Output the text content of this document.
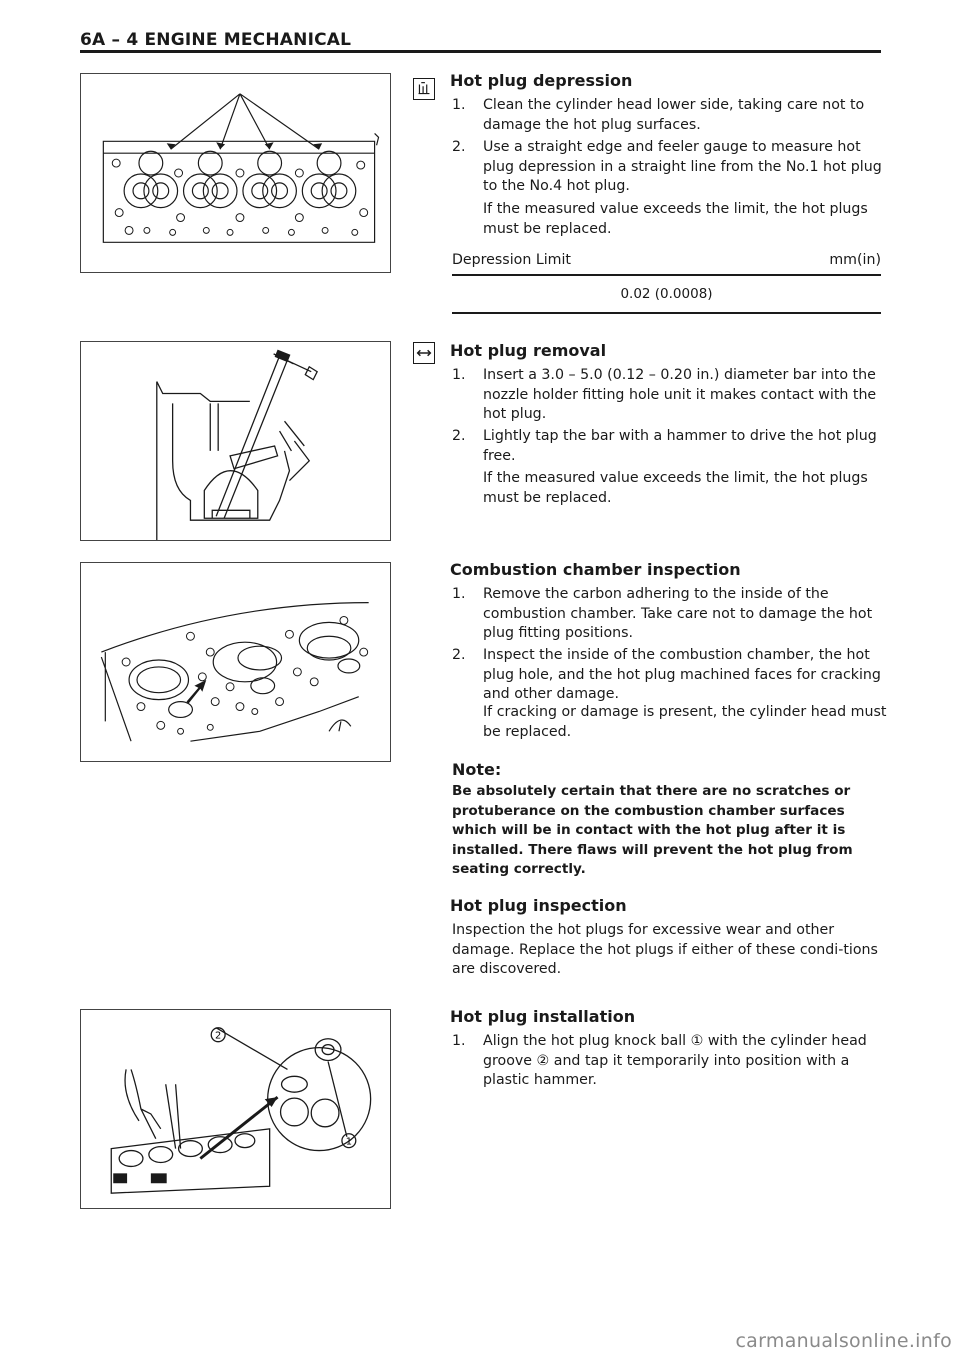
6A – 4 ENGINE MECHANICAL
Hot plug depression
1. Clean the cylinder head lower side, taking care not to damage the hot plug surfaces.
2. Use a straight edge and feeler gauge to measure hot plug depression in a straight line from the No.1 hot plug to the No.4 hot plug.
If the measured value exceeds the limit, the hot plugs must be replaced.
Depression Limit	mm(in)
0.02 (0.0008)
Hot plug removal
1. Insert a 3.0 – 5.0 (0.12 – 0.20 in.) diameter bar into the nozzle holder fitting hole unit it makes contact with the hot plug.
2. Lightly tap the bar with a hammer to drive the hot plug free.
If the measured value exceeds the limit, the hot plugs must be replaced.
Combustion chamber inspection
1. Remove the carbon adhering to the inside of the combustion chamber. Take care not to damage the hot plug fitting positions.
2. Inspect the inside of the combustion chamber, the hot plug hole, and the hot plug machined faces for cracking and other damage.
If cracking or damage is present, the cylinder head must be replaced.
Note:
Be absolutely certain that there are no scratches or protuberance on the combustion chamber surfaces which will be in contact with the hot plug after it is installed. There flaws will prevent the hot plug from seating correctly.
Hot plug inspection
Inspection the hot plugs for excessive wear and other damage. Replace the hot plugs if either of these condi-tions are discovered.
2
1
Hot plug installation
1. Align the hot plug knock ball ① with the cylinder head groove ② and tap it temporarily into position with a plastic hammer.
carmanualsonline.info
